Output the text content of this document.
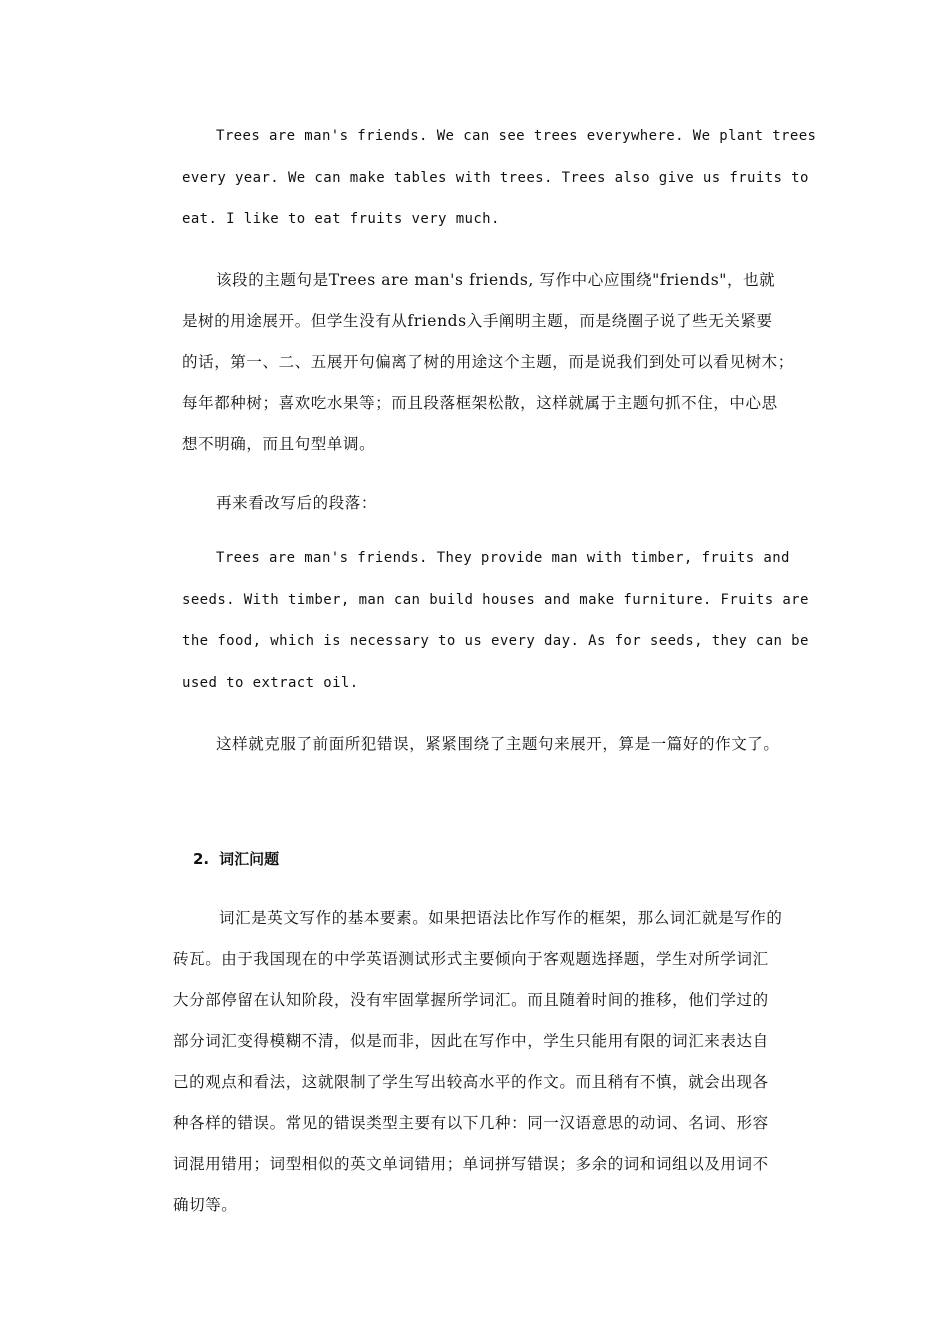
Trees are man's friends. We can see trees everywhere. We plant trees
every year. We can make tables with trees. Trees also give us fruits to
eat. I like to eat fruits very much.
该段的主题句是Trees are man's friends, 写作中心应围绕"friends"，也就
是树的用途展开。但学生没有从friends入手阐明主题，而是绕圈子说了些无关紧要
的话，第一、二、五展开句偏离了树的用途这个主题，而是说我们到处可以看见树木；
每年都种树；喜欢吃水果等；而且段落框架松散，这样就属于主题句抓不住，中心思
想不明确，而且句型单调。
再来看改写后的段落：
Trees are man's friends. They provide man with timber, fruits and
seeds. With timber, man can build houses and make furniture. Fruits are
the food, which is necessary to us every day. As for seeds, they can be
used to extract oil.
这样就克服了前面所犯错误，紧紧围绕了主题句来展开，算是一篇好的作文了。
2. 词汇问题
词汇是英文写作的基本要素。如果把语法比作写作的框架，那么词汇就是写作的
砖瓦。由于我国现在的中学英语测试形式主要倾向于客观题选择题，学生对所学词汇
大分部停留在认知阶段，没有牢固掌握所学词汇。而且随着时间的推移，他们学过的
部分词汇变得模糊不清，似是而非，因此在写作中，学生只能用有限的词汇来表达自
己的观点和看法，这就限制了学生写出较高水平的作文。而且稍有不慎，就会出现各
种各样的错误。常见的错误类型主要有以下几种：同一汉语意思的动词、名词、形容
词混用错用；词型相似的英文单词错用；单词拼写错误；多余的词和词组以及用词不
确切等。
